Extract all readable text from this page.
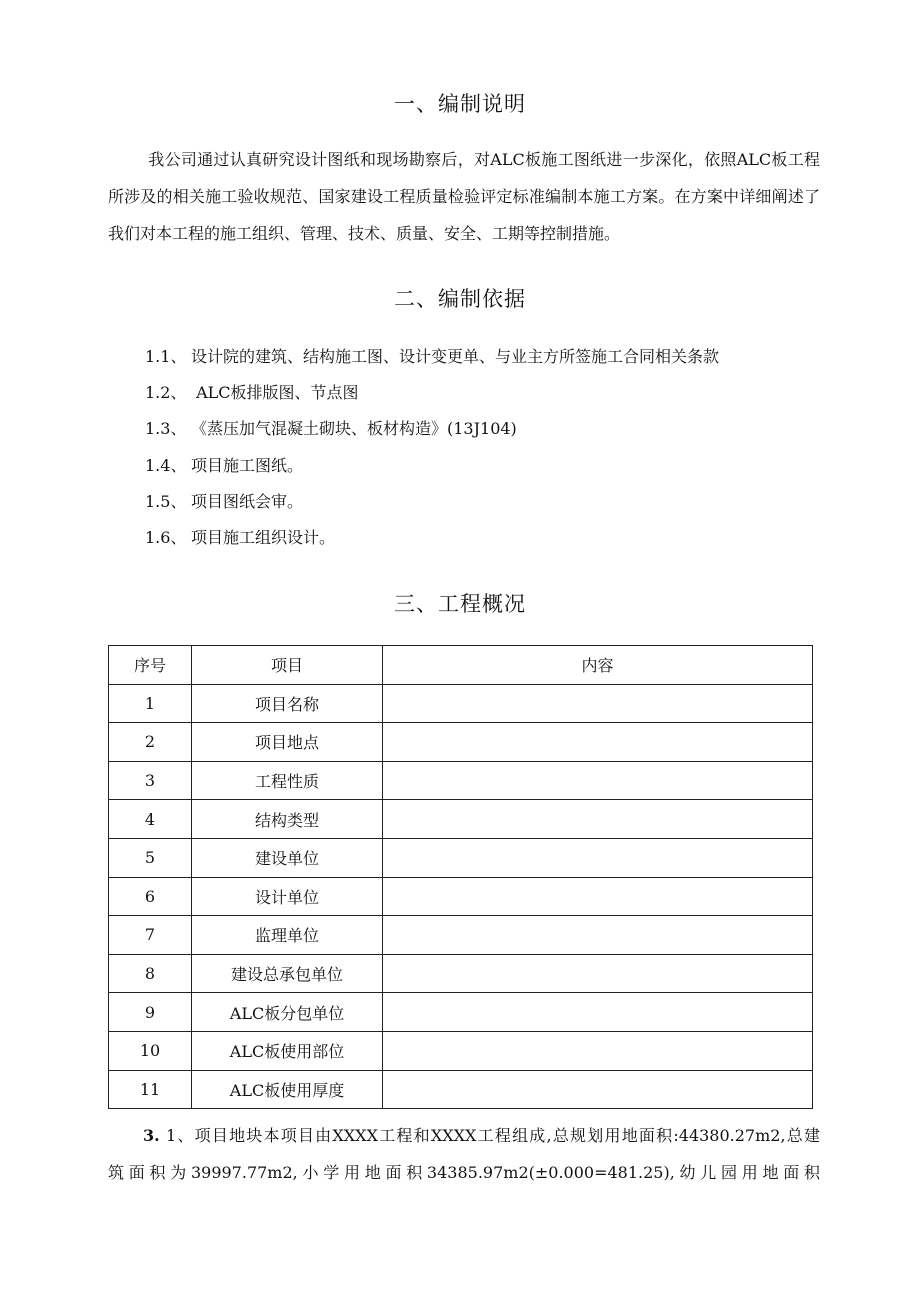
一、编制说明
我公司通过认真研究设计图纸和现场勘察后，对ALC板施工图纸进一步深化，依照ALC板工程所涉及的相关施工验收规范、国家建设工程质量检验评定标准编制本施工方案。在方案中详细阐述了我们对本工程的施工组织、管理、技术、质量、安全、工期等控制措施。
二、编制依据
1.1、 设计院的建筑、结构施工图、设计变更单、与业主方所签施工合同相关条款
1.2、 ALC板排版图、节点图
1.3、 《蒸压加气混凝土砌块、板材构造》(13J104)
1.4、 项目施工图纸。
1.5、 项目图纸会审。
1.6、 项目施工组织设计。
三、工程概况
序号	项目	内容
1	项目名称	
2	项目地点	
3	工程性质	
4	结构类型	
5	建设单位	
6	设计单位	
7	监理单位	
8	建设总承包单位	
9	ALC板分包单位	
10	ALC板使用部位	
11	ALC板使用厚度	
3. 1、项目地块本项目由XXXX工程和XXXX工程组成,总规划用地面积:44380.27m2,总建
筑面积为39997.77m2,小学用地面积34385.97m2(±0.000=481.25),幼儿园用地面积
